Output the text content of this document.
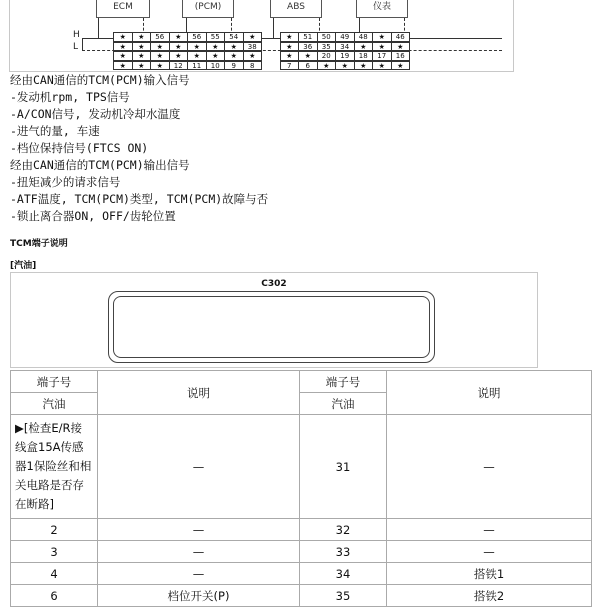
ECM	(PCM)	ABS	仪表
H
L
经由CAN通信的TCM(PCM)输入信号
-发动机rpm, TPS信号
-A/CON信号, 发动机冷却水温度
-进气的量, 车速
-档位保持信号(FTCS ON)
经由CAN通信的TCM(PCM)输出信号
-扭矩减少的请求信号
-ATF温度, TCM(PCM)类型, TCM(PCM)故障与否
-锁止离合器ON, OFF/齿轮位置
TCM端子说明
[汽油]
C302
★	★	56	★	56	55	54	★	★	51	50	49	48	★	46
★	★	★	★	★	★	★	38	★	36	35	34	★	★	★
★	★	★	★	★	★	★	★	★	★	20	19	18	17	16
★	★	★	12	11	10	9	8	7	6	★	★	★	★	★
端子号	说明	端子号	说明
汽油		汽油	
▶[检查E/R接线盒15A传感器1保险丝和相关电路是否存在断路]	—	31	—
2	—	32	—
3	—	33	—
4	—	34	搭铁1
6	档位开关(P)	35	搭铁2
